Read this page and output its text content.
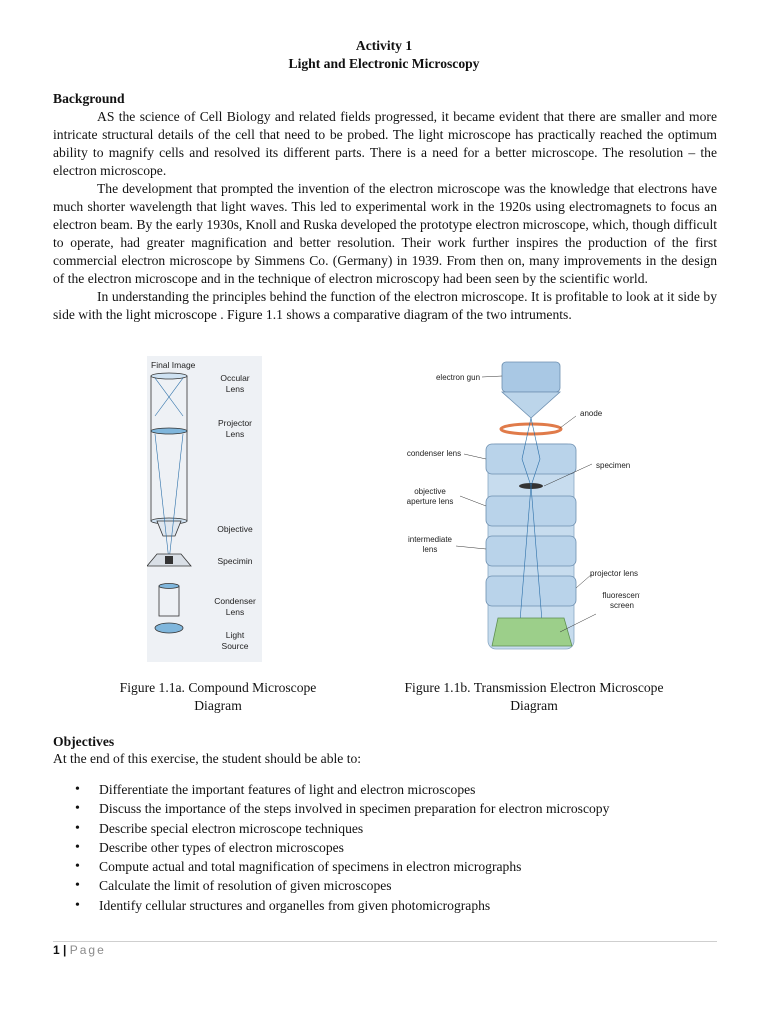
Activity 1
Light and Electronic Microscopy
Background

AS the science of Cell Biology and related fields progressed, it became evident that there are smaller and more intricate structural details of the cell that need to be probed. The light microscope has practically reached the optimum ability to magnify cells and resolved its different parts. There is a need for a better microscope. The resolution – the electron microscope.

The development that prompted the invention of the electron microscope was the knowledge that electrons have much shorter wavelength that light waves. This led to experimental work in the 1920s using electromagnets to focus an electron beam. By the early 1930s, Knoll and Ruska developed the prototype electron microscope, which, though difficult to operate, had greater magnification and better resolution. Their work further inspires the production of the first commercial electron microscope by Simmens Co. (Germany) in 1939. From then on, many improvements in the design of the electron microscope and in the technique of electron microscopy had been seen by the scientific world.

In understanding the principles behind the function of the electron microscope. It is profitable to look at it side by side with the light microscope . Figure 1.1 shows a comparative diagram of the two intruments.

Final Image
Occular
Lens
Projector
Lens
Objective
Specimin
Condenser
Lens
Light
Source
electron gun
anode
condenser lens
specimen
objective
aperture lens
intermediate
lens
projector lens
fluorescent
screen
Figure 1.1a. Compound Microscope
Diagram
Figure 1.1b. Transmission Electron Microscope
Diagram
Objectives
At the end of this exercise, the student should be able to:
• Differentiate the important features of light and electron microscopes
• Discuss the importance of the steps involved in specimen preparation for electron microscopy
• Describe special electron microscope techniques
• Describe other types of electron microscopes
• Compute actual and total magnification of specimens in electron micrographs
• Calculate the limit of resolution of given microscopes
• Identify cellular structures and organelles from given photomicrographs
1 | Page
